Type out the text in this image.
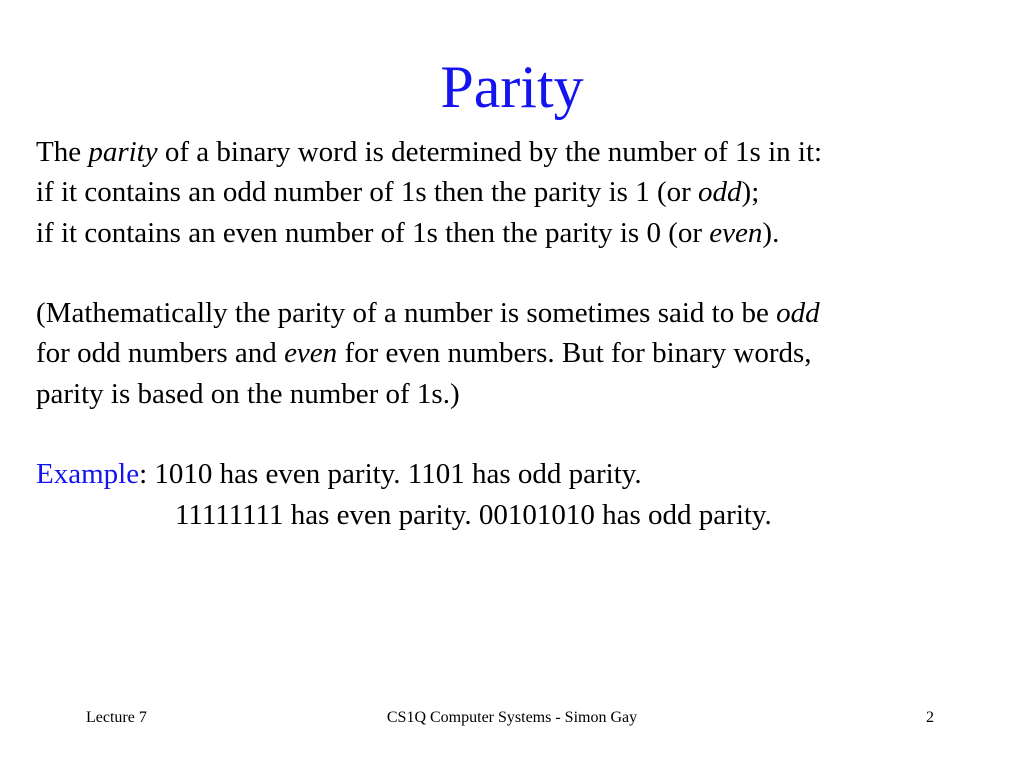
Parity
The parity of a binary word is determined by the number of 1s in it:
if it contains an odd number of 1s then the parity is 1 (or odd);
if it contains an even number of 1s then the parity is 0 (or even).
(Mathematically the parity of a number is sometimes said to be odd
for odd numbers and even for even numbers. But for binary words,
parity is based on the number of 1s.)
Example: 1010 has even parity. 1101 has odd parity.
11111111 has even parity. 00101010 has odd parity.
Lecture 7	CS1Q Computer Systems - Simon Gay	2
